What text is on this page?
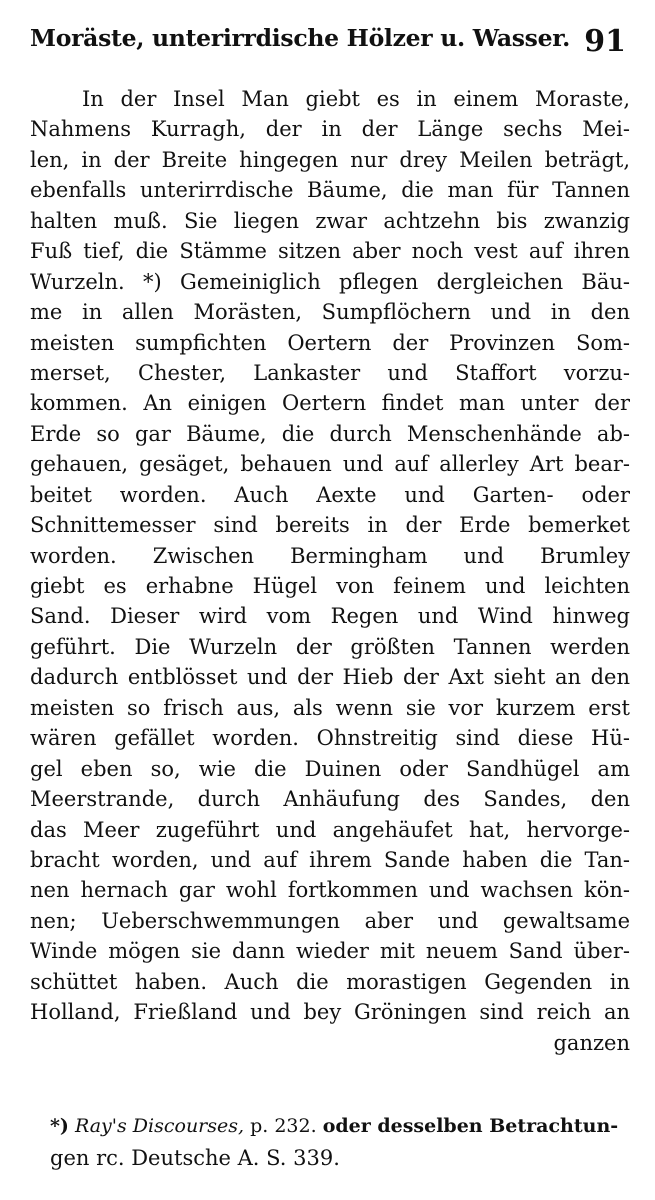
Moräste, unterirrdische Hölzer u. Wasser. 91
In der Insel Man giebt es in einem Moraste,
Nahmens Kurragh, der in der Länge sechs Mei-
len, in der Breite hingegen nur drey Meilen beträgt,
ebenfalls unterirrdische Bäume, die man für Tannen
halten muß. Sie liegen zwar achtzehn bis zwanzig
Fuß tief, die Stämme sitzen aber noch vest auf ihren
Wurzeln. *) Gemeiniglich pflegen dergleichen Bäu-
me in allen Morästen, Sumpflöchern und in den
meisten sumpfichten Oertern der Provinzen Som-
merset, Chester, Lankaster und Staffort vorzu-
kommen. An einigen Oertern findet man unter der
Erde so gar Bäume, die durch Menschenhände ab-
gehauen, gesäget, behauen und auf allerley Art bear-
beitet worden. Auch Aexte und Garten- oder
Schnittemesser sind bereits in der Erde bemerket
worden. Zwischen Bermingham und Brumley
giebt es erhabne Hügel von feinem und leichten
Sand. Dieser wird vom Regen und Wind hinweg
geführt. Die Wurzeln der größten Tannen werden
dadurch entblösset und der Hieb der Axt sieht an den
meisten so frisch aus, als wenn sie vor kurzem erst
wären gefället worden. Ohnstreitig sind diese Hü-
gel eben so, wie die Duinen oder Sandhügel am
Meerstrande, durch Anhäufung des Sandes, den
das Meer zugeführt und angehäufet hat, hervorge-
bracht worden, und auf ihrem Sande haben die Tan-
nen hernach gar wohl fortkommen und wachsen kön-
nen; Ueberschwemmungen aber und gewaltsame
Winde mögen sie dann wieder mit neuem Sand über-
schüttet haben. Auch die morastigen Gegenden in
Holland, Frießland und bey Gröningen sind reich an
ganzen
*) Ray's Discourses, p. 232. oder desselben Betrachtun-
gen rc. Deutsche A. S. 339.
